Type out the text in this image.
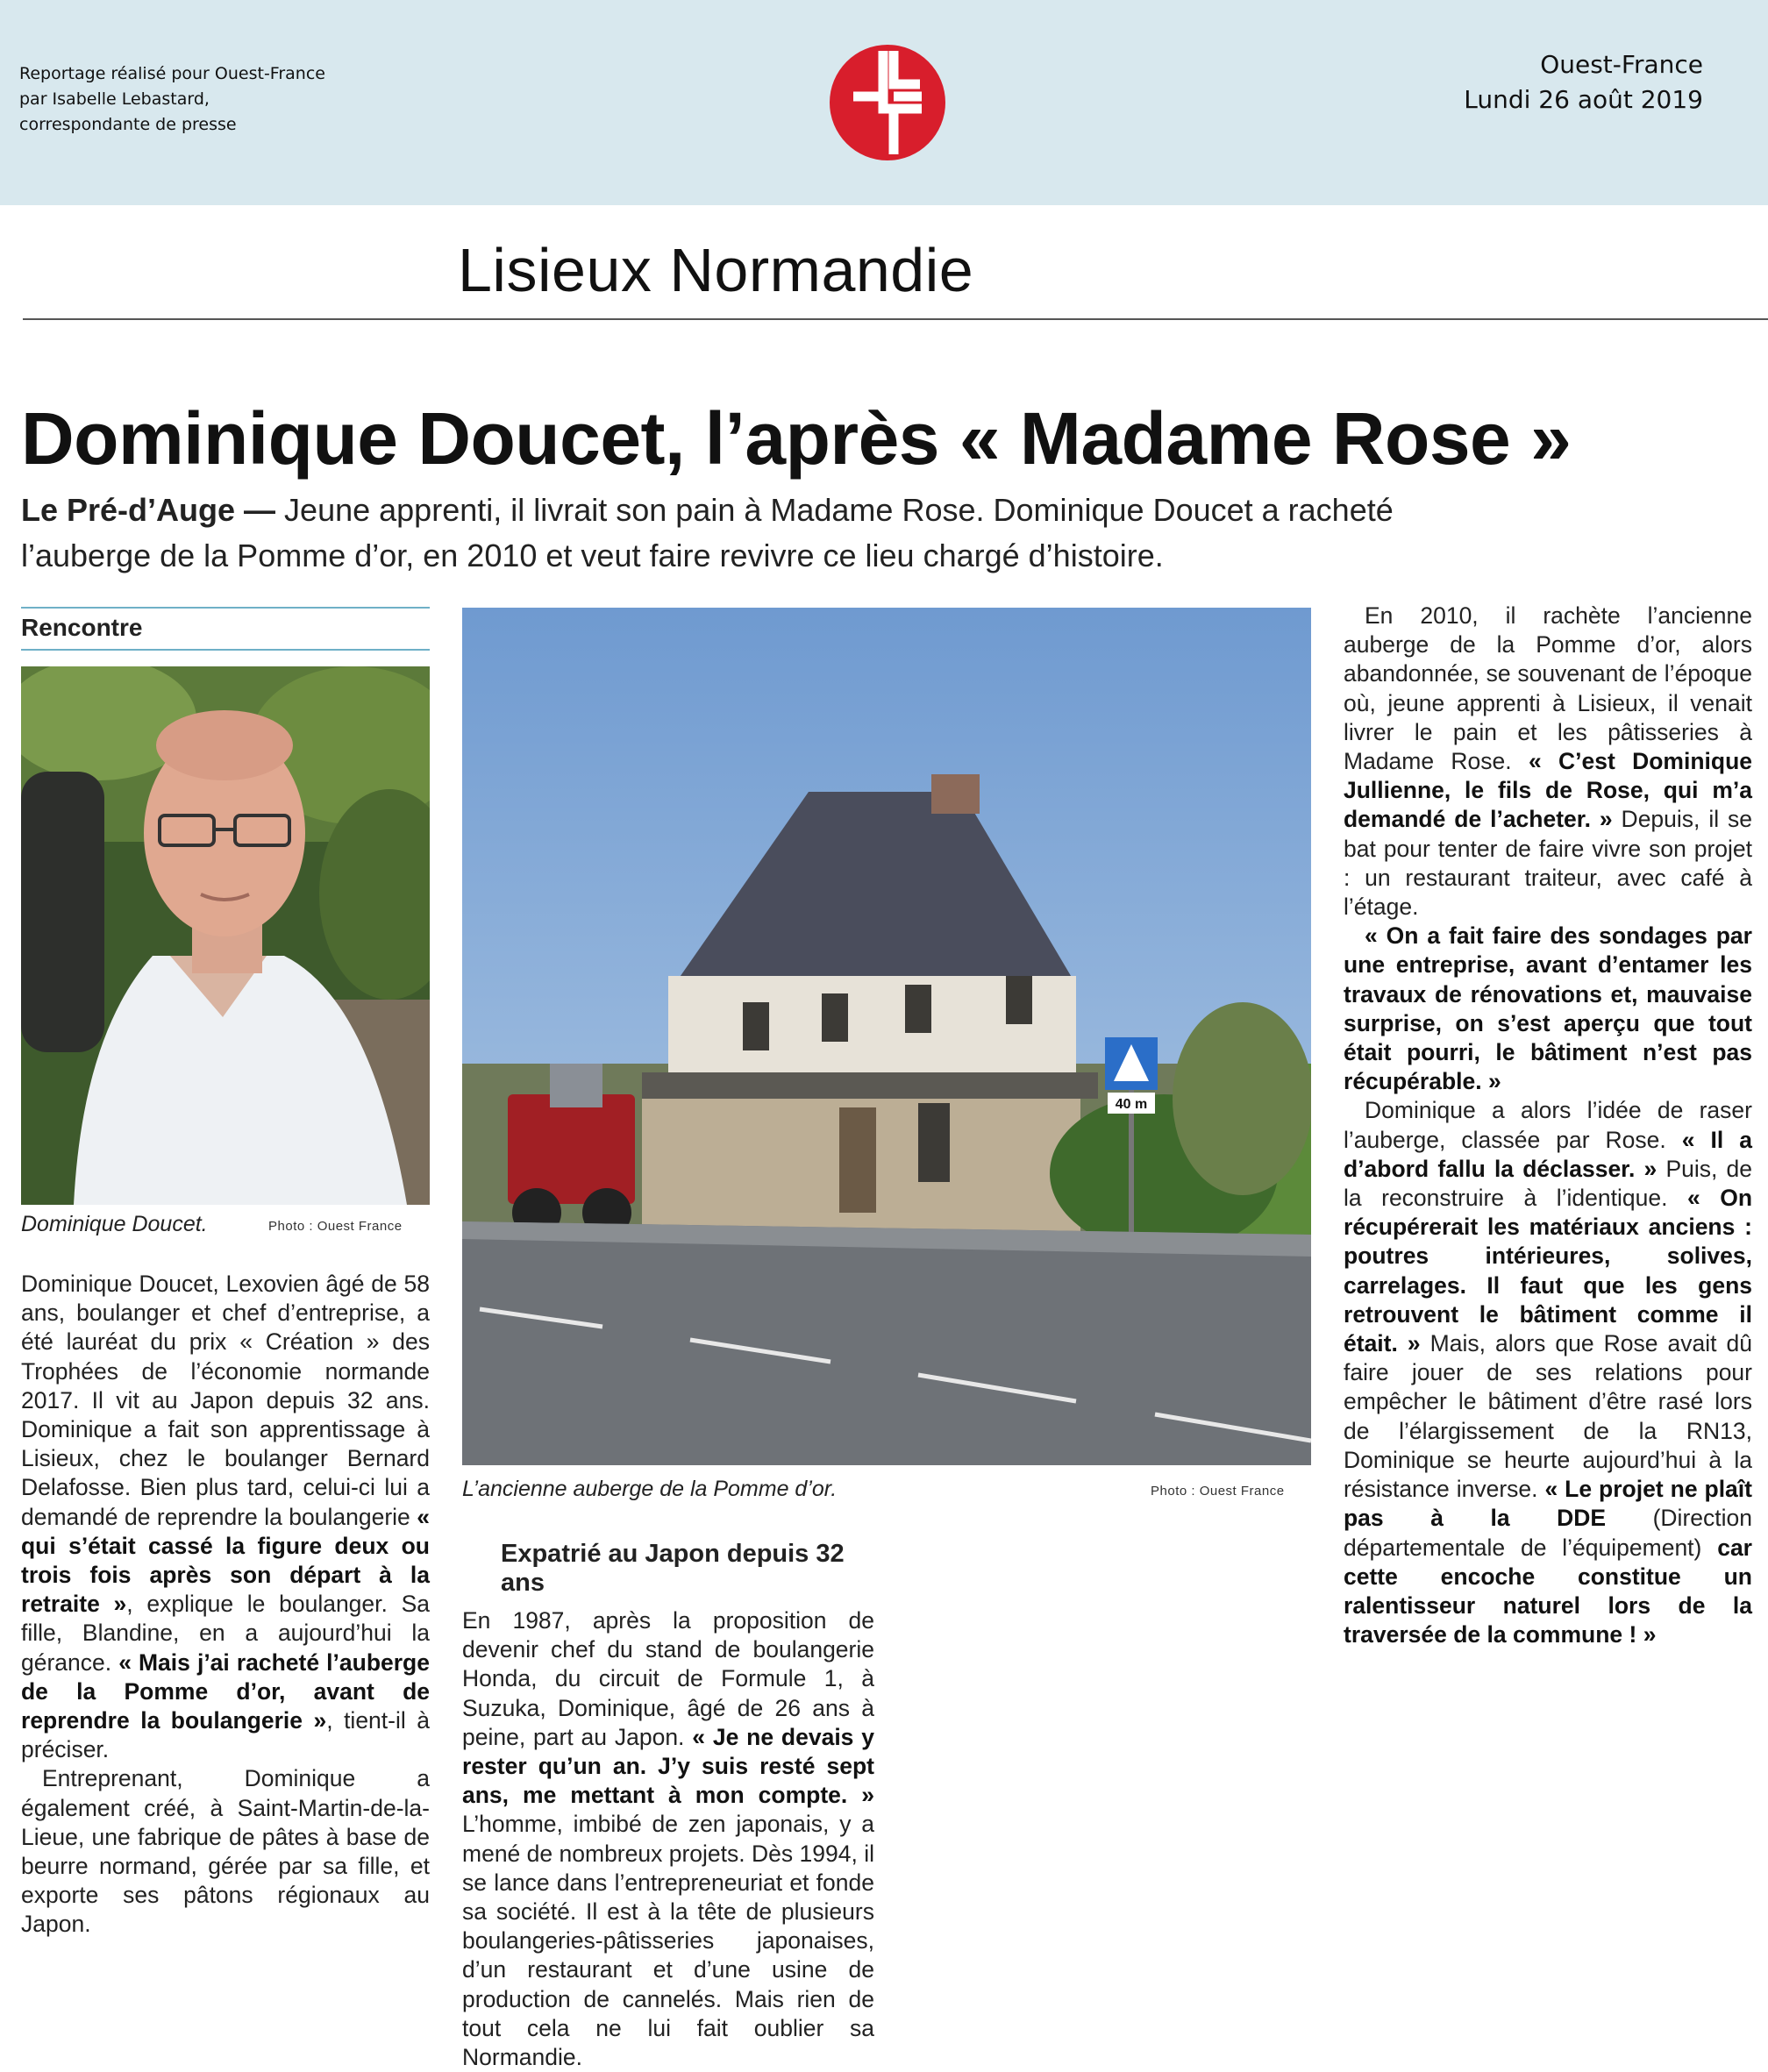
Reportage réalisé pour Ouest-France
par Isabelle Lebastard,
correspondante de presse
Ouest-France
Lundi 26 août 2019
Lisieux Normandie
Dominique Doucet, l’après « Madame Rose »
Le Pré-d’Auge — Jeune apprenti, il livrait son pain à Madame Rose. Dominique Doucet a racheté l’auberge de la Pomme d’or, en 2010 et veut faire revivre ce lieu chargé d’histoire.
Rencontre
Dominique Doucet.	Photo : Ouest France
40 m
L’ancienne auberge de la Pomme d’or.	Photo : Ouest France

Dominique Doucet, Lexovien âgé de 58 ans, boulanger et chef d’entreprise, a été lauréat du prix « Création » des Trophées de l’économie normande 2017. Il vit au Japon depuis 32 ans. Dominique a fait son apprentissage à Lisieux, chez le boulanger Bernard Delafosse. Bien plus tard, celui-ci lui a demandé de reprendre la boulangerie « qui s’était cassé la figure deux ou trois fois après son départ à la retraite », explique le boulanger. Sa fille, Blandine, en a aujourd’hui la gérance. « Mais j’ai racheté l’auberge de la Pomme d’or, avant de reprendre la boulangerie », tient-il à préciser.

Entreprenant, Dominique a également créé, à Saint-Martin-de-la-Lieue, une fabrique de pâtes à base de beurre normand, gérée par sa fille, et exporte ses pâtons régionaux au Japon.

Expatrié au Japon depuis 32 ans

En 1987, après la proposition de devenir chef du stand de boulangerie Honda, du circuit de Formule 1, à Suzuka, Dominique, âgé de 26 ans à peine, part au Japon. « Je ne devais y rester qu’un an. J’y suis resté sept ans, me mettant à mon compte. » L’homme, imbibé de zen japonais, y a mené de nombreux projets. Dès 1994, il se lance dans l’entrepreneuriat et fonde sa société. Il est à la tête de plusieurs boulangeries-pâtisseries japonaises, d’un restaurant et d’une usine de production de cannelés. Mais rien de tout cela ne lui fait oublier sa Normandie.

En 2010, il rachète l’ancienne auberge de la Pomme d’or, alors abandonnée, se souvenant de l’époque où, jeune apprenti à Lisieux, il venait livrer le pain et les pâtisseries à Madame Rose. « C’est Dominique Jullienne, le fils de Rose, qui m’a demandé de l’acheter. » Depuis, il se bat pour tenter de faire vivre son projet : un restaurant traiteur, avec café à l’étage.

« On a fait faire des sondages par une entreprise, avant d’entamer les travaux de rénovations et, mauvaise surprise, on s’est aperçu que tout était pourri, le bâtiment n’est pas récupérable. »

Dominique a alors l’idée de raser l’auberge, classée par Rose. « Il a d’abord fallu la déclasser. » Puis, de la reconstruire à l’identique. « On récupérerait les matériaux anciens : poutres intérieures, solives, carrelages. Il faut que les gens retrouvent le bâtiment comme il était. » Mais, alors que Rose avait dû faire jouer de ses relations pour empêcher le bâtiment d’être rasé lors de l’élargissement de la RN13, Dominique se heurte aujourd’hui à la résistance inverse. « Le projet ne plaît pas à la DDE (Direction départementale de l’équipement) car cette encoche constitue un ralentisseur naturel lors de la traversée de la commune ! »
